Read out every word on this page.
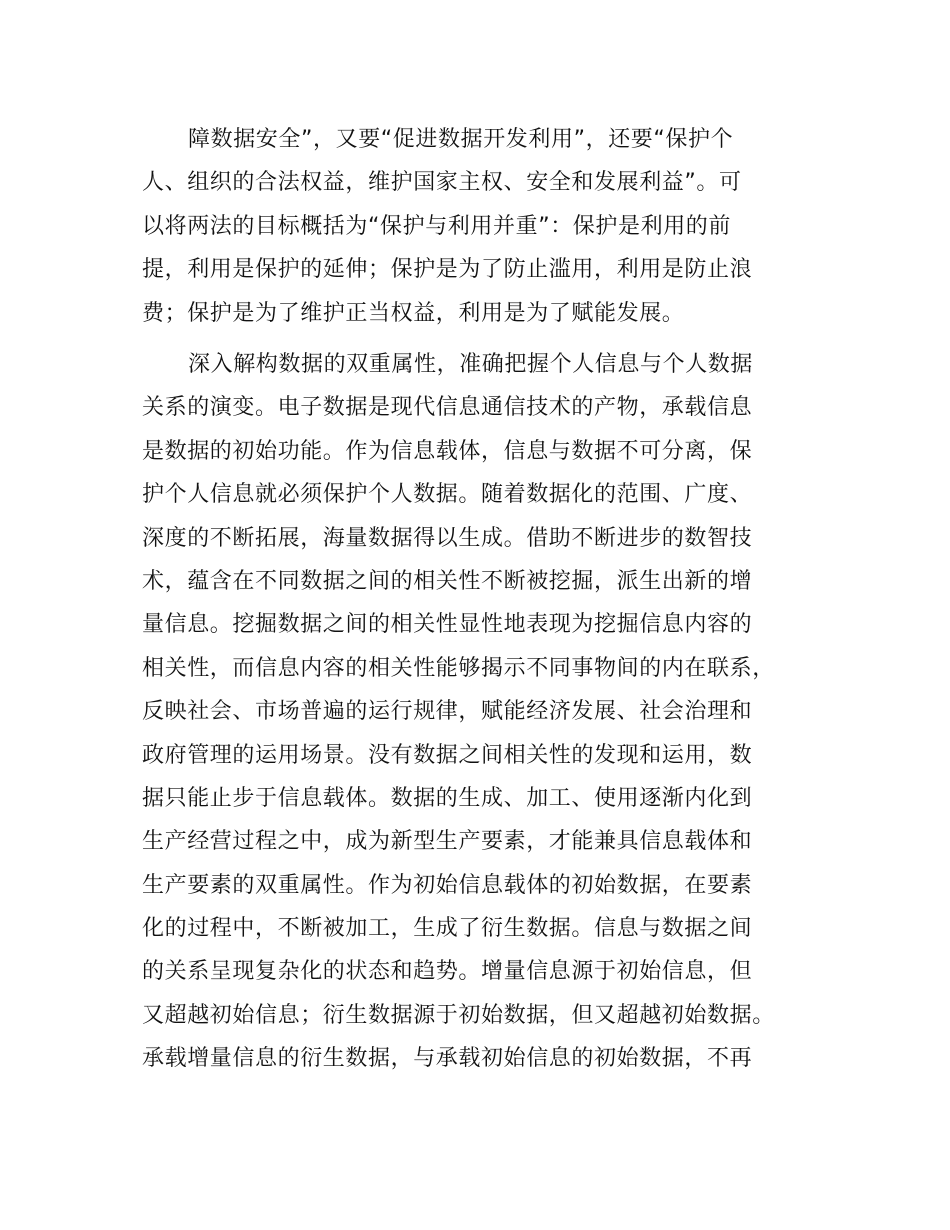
障数据安全”，又要“促进数据开发利用”，还要“保护个
人、组织的合法权益，维护国家主权、安全和发展利益”。可
以将两法的目标概括为“保护与利用并重”：保护是利用的前
提，利用是保护的延伸；保护是为了防止滥用，利用是防止浪
费；保护是为了维护正当权益，利用是为了赋能发展。
深入解构数据的双重属性，准确把握个人信息与个人数据
关系的演变。电子数据是现代信息通信技术的产物，承载信息
是数据的初始功能。作为信息载体，信息与数据不可分离，保
护个人信息就必须保护个人数据。随着数据化的范围、广度、
深度的不断拓展，海量数据得以生成。借助不断进步的数智技
术，蕴含在不同数据之间的相关性不断被挖掘，派生出新的增
量信息。挖掘数据之间的相关性显性地表现为挖掘信息内容的
相关性，而信息内容的相关性能够揭示不同事物间的内在联系，
反映社会、市场普遍的运行规律，赋能经济发展、社会治理和
政府管理的运用场景。没有数据之间相关性的发现和运用，数
据只能止步于信息载体。数据的生成、加工、使用逐渐内化到
生产经营过程之中，成为新型生产要素，才能兼具信息载体和
生产要素的双重属性。作为初始信息载体的初始数据，在要素
化的过程中，不断被加工，生成了衍生数据。信息与数据之间
的关系呈现复杂化的状态和趋势。增量信息源于初始信息，但
又超越初始信息；衍生数据源于初始数据，但又超越初始数据。
承载增量信息的衍生数据，与承载初始信息的初始数据，不再
